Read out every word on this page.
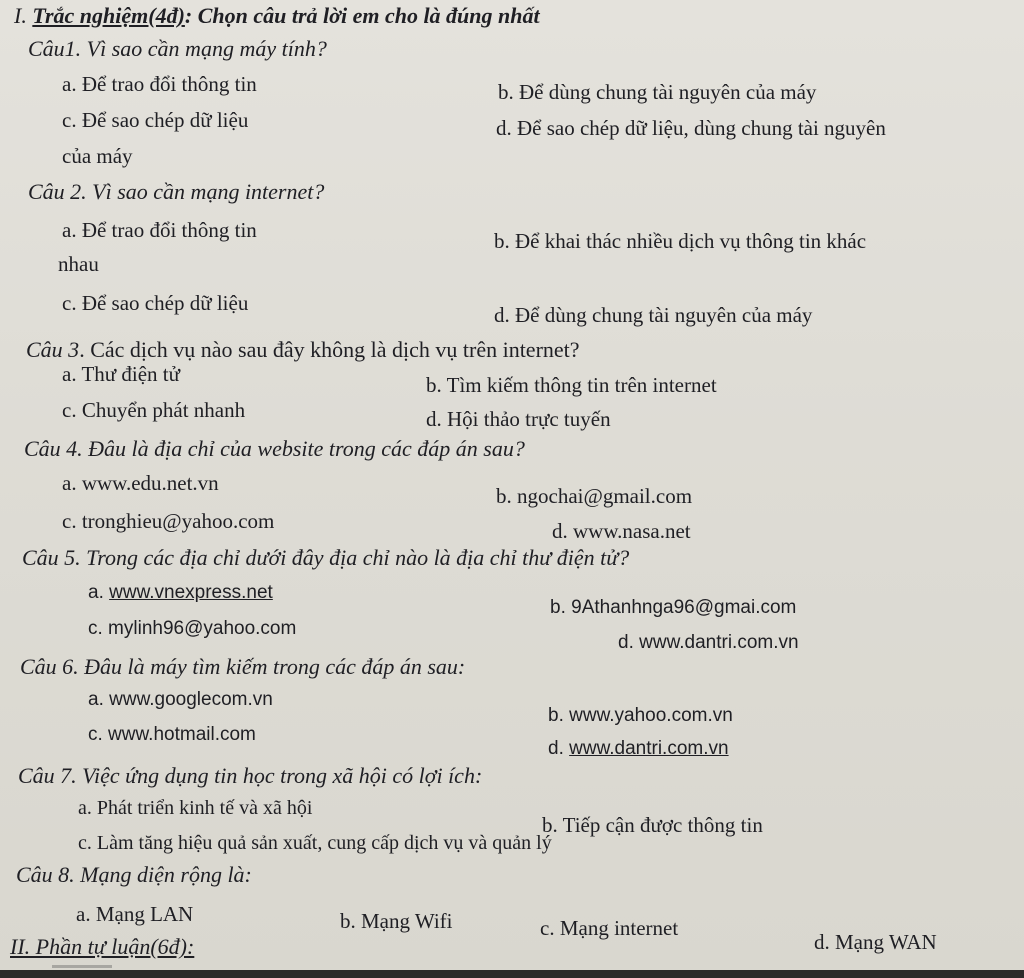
I. Trắc nghiệm(4đ): Chọn câu trả lời em cho là đúng nhất
Câu1. Vì sao cần mạng máy tính?
a. Để trao đổi thông tin	b. Để dùng chung tài nguyên của máy
c. Để sao chép dữ liệu	d. Để sao chép dữ liệu, dùng chung tài nguyên
của máy
Câu 2. Vì sao cần mạng internet?
a. Để trao đổi thông tin	b. Để khai thác nhiều dịch vụ thông tin khác
nhau
c. Để sao chép dữ liệu	d. Để dùng chung tài nguyên của máy
Câu 3. Các dịch vụ nào sau đây không là dịch vụ trên internet?
a. Thư điện tử	b. Tìm kiếm thông tin trên internet
c. Chuyển phát nhanh	d. Hội thảo trực tuyến
Câu 4. Đâu là địa chỉ của website trong các đáp án sau?
a. www.edu.net.vn
b. ngochai@gmail.com
c. tronghieu@yahoo.com	d. www.nasa.net
Câu 5. Trong các địa chỉ dưới đây địa chỉ nào là địa chỉ thư điện tử?
a. www.vnexpress.net
b. 9Athanhnga96@gmai.com
c. mylinh96@yahoo.com
d. www.dantri.com.vn
Câu 6. Đâu là máy tìm kiếm trong các đáp án sau:
a. www.googlecom.vn
b. www.yahoo.com.vn
c. www.hotmail.com
d. www.dantri.com.vn
Câu 7. Việc ứng dụng tin học trong xã hội có lợi ích:
a. Phát triển kinh tế và xã hội
b. Tiếp cận được thông tin
c. Làm tăng hiệu quả sản xuất, cung cấp dịch vụ và quản lý
Câu 8. Mạng diện rộng là:
a. Mạng LAN	b. Mạng Wifi	c. Mạng internet
d. Mạng WAN
II. Phần tự luận(6đ):
